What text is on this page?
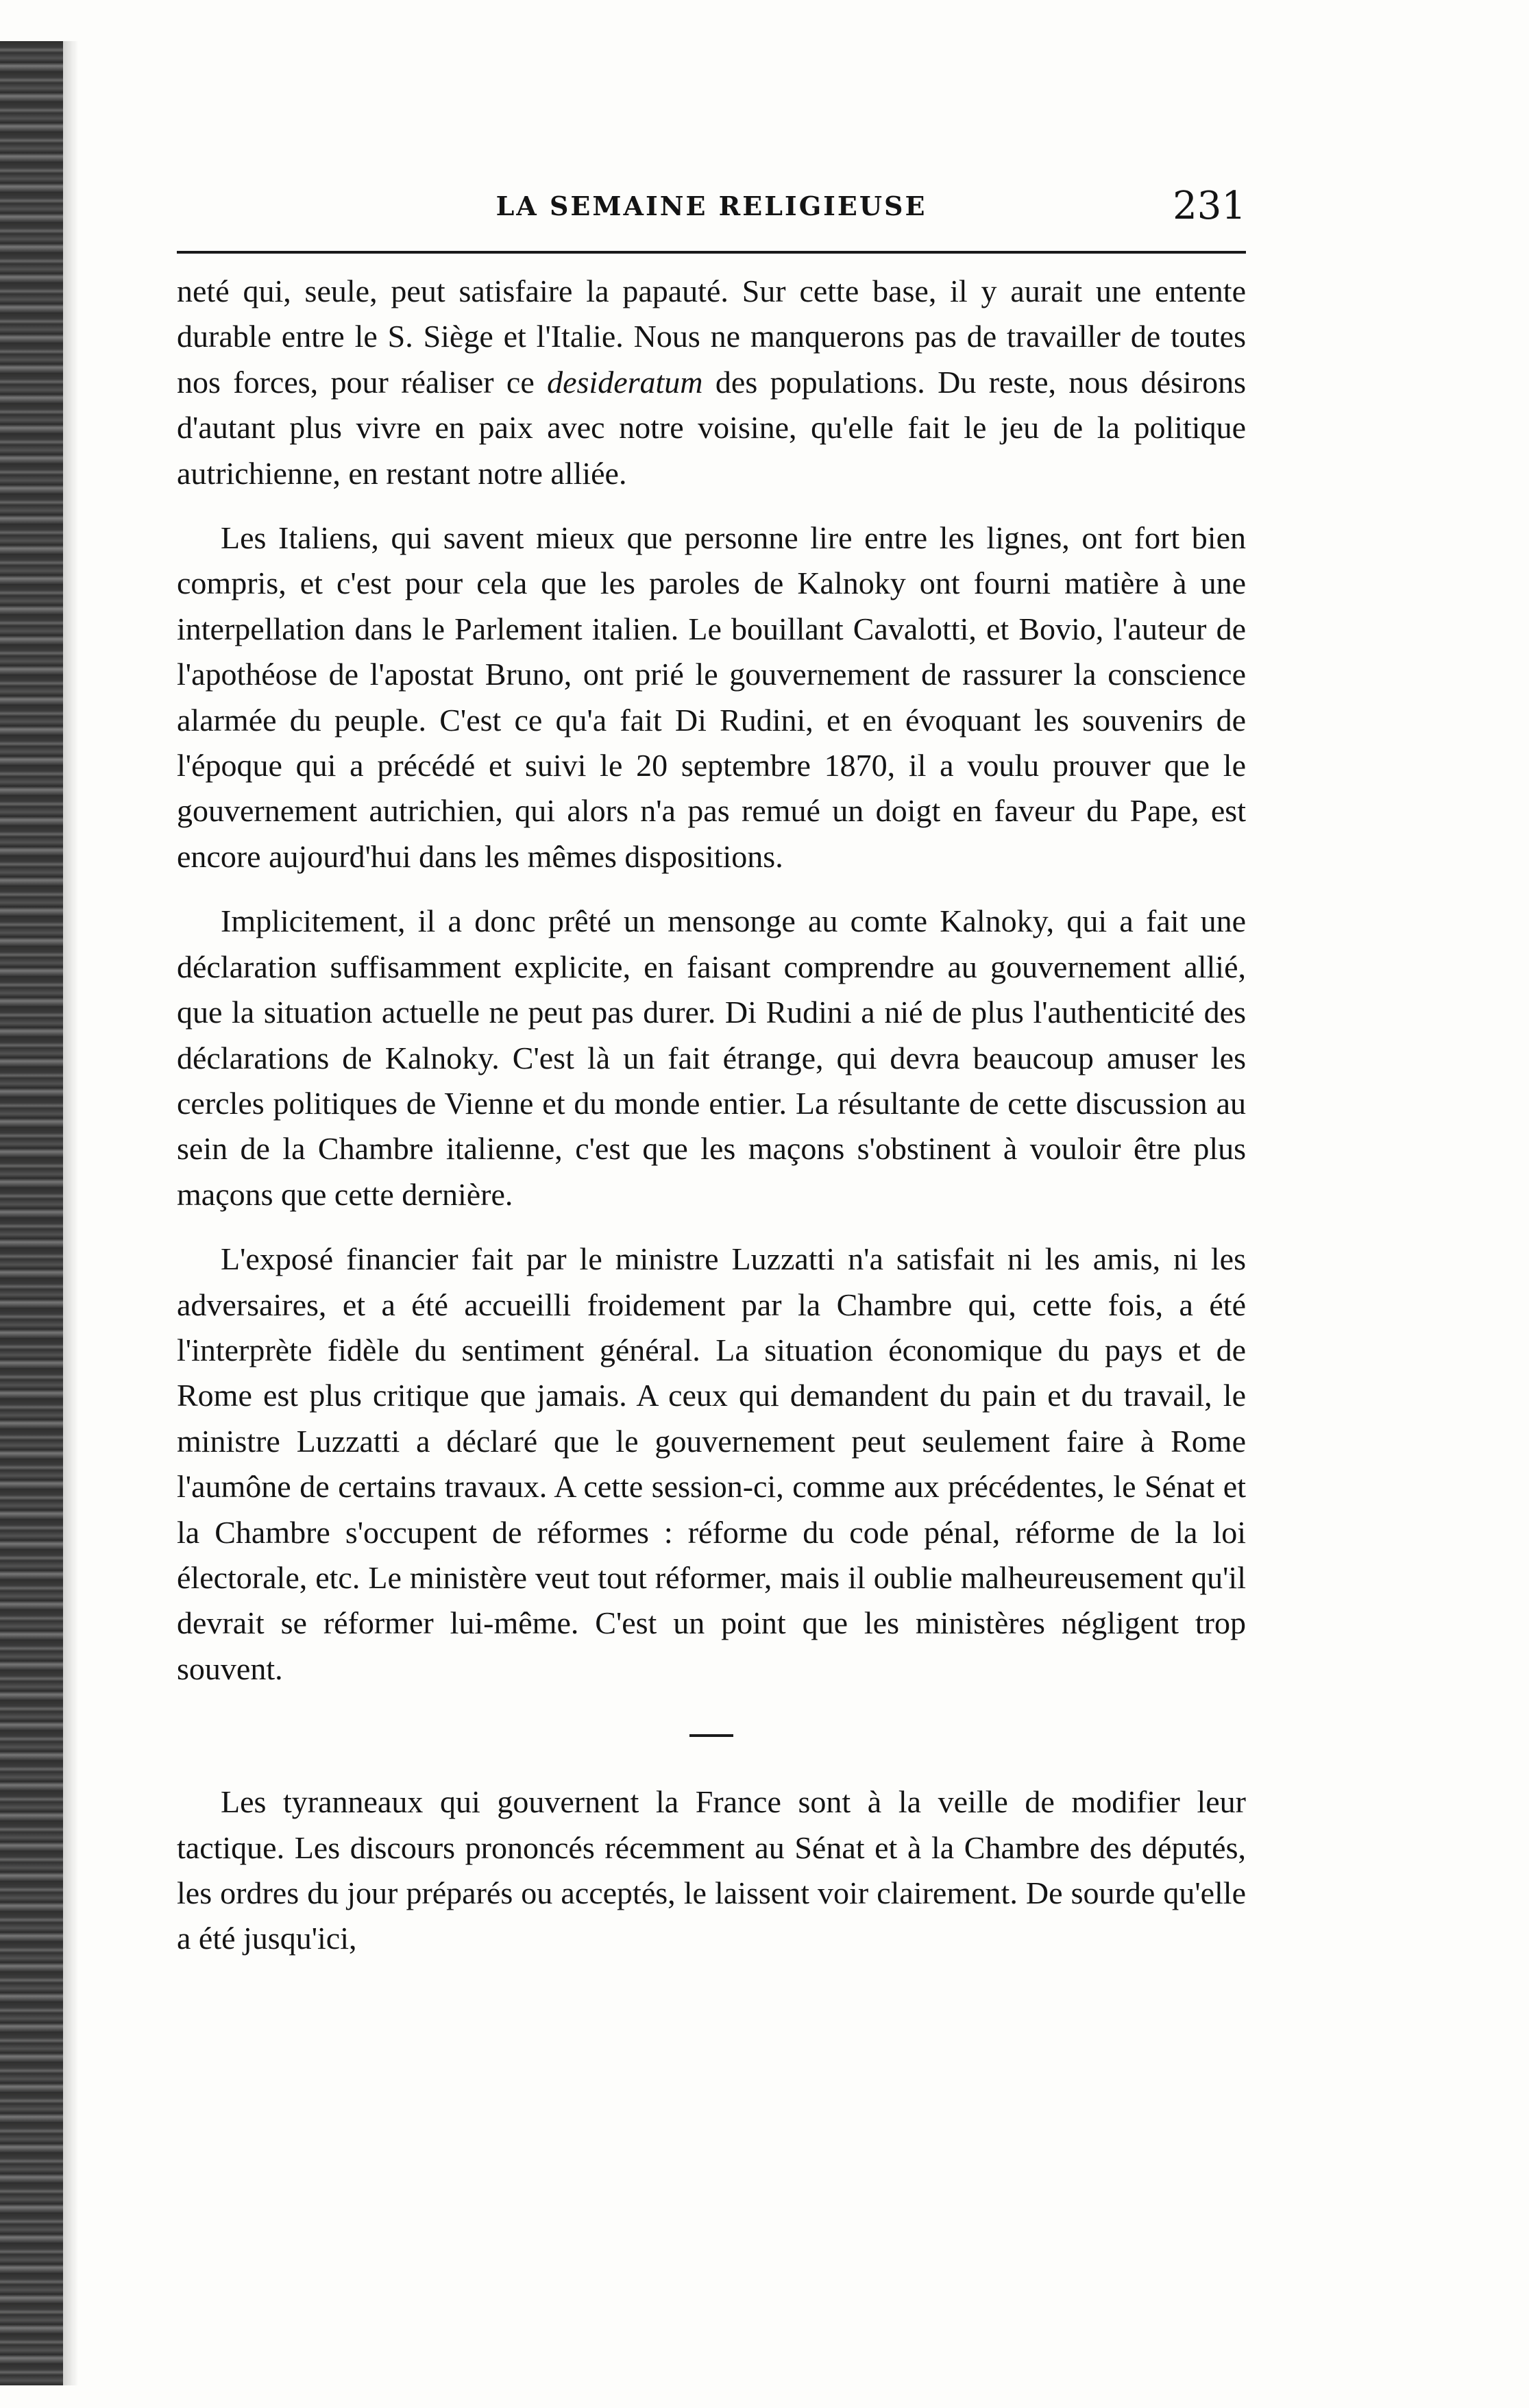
LA SEMAINE RELIGIEUSE	231

neté qui, seule, peut satisfaire la papauté. Sur cette base, il y aurait une entente durable entre le S. Siège et l'Italie. Nous ne manquerons pas de travailler de toutes nos forces, pour réaliser ce desideratum des populations. Du reste, nous désirons d'autant plus vivre en paix avec notre voisine, qu'elle fait le jeu de la politique autrichienne, en restant notre alliée.

Les Italiens, qui savent mieux que personne lire entre les lignes, ont fort bien compris, et c'est pour cela que les paroles de Kalnoky ont fourni matière à une interpellation dans le Parlement italien. Le bouillant Cavalotti, et Bovio, l'auteur de l'apothéose de l'apostat Bruno, ont prié le gouvernement de rassurer la conscience alarmée du peuple. C'est ce qu'a fait Di Rudini, et en évoquant les souvenirs de l'époque qui a précédé et suivi le 20 septembre 1870, il a voulu prouver que le gouvernement autrichien, qui alors n'a pas remué un doigt en faveur du Pape, est encore aujourd'hui dans les mêmes dispositions.

Implicitement, il a donc prêté un mensonge au comte Kalnoky, qui a fait une déclaration suffisamment explicite, en faisant comprendre au gouvernement allié, que la situation actuelle ne peut pas durer. Di Rudini a nié de plus l'authenticité des déclarations de Kalnoky. C'est là un fait étrange, qui devra beaucoup amuser les cercles politiques de Vienne et du monde entier. La résultante de cette discussion au sein de la Chambre italienne, c'est que les maçons s'obstinent à vouloir être plus maçons que cette dernière.

L'exposé financier fait par le ministre Luzzatti n'a satisfait ni les amis, ni les adversaires, et a été accueilli froidement par la Chambre qui, cette fois, a été l'interprète fidèle du sentiment général. La situation économique du pays et de Rome est plus critique que jamais. A ceux qui demandent du pain et du travail, le ministre Luzzatti a déclaré que le gouvernement peut seulement faire à Rome l'aumône de certains travaux. A cette session-ci, comme aux précédentes, le Sénat et la Chambre s'occupent de réformes : réforme du code pénal, réforme de la loi électorale, etc. Le ministère veut tout réformer, mais il oublie malheureusement qu'il devrait se réformer lui-même. C'est un point que les ministères négligent trop souvent.

Les tyranneaux qui gouvernent la France sont à la veille de modifier leur tactique. Les discours prononcés récemment au Sénat et à la Chambre des députés, les ordres du jour préparés ou acceptés, le laissent voir clairement. De sourde qu'elle a été jusqu'ici,
